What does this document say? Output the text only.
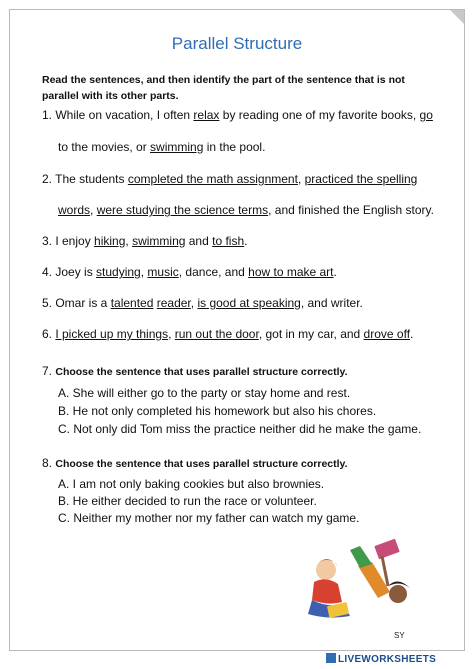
Parallel Structure
Read the sentences, and then identify the part of the sentence that is not parallel with its other parts.
1. While on vacation, I often relax by reading one of my favorite books, go
to the movies, or swimming in the pool.
2. The students completed the math assignment, practiced the spelling
words, were studying the science terms, and finished the English story.
3. I enjoy hiking, swimming and to fish.
4. Joey is studying, music, dance, and how to make art.
5. Omar is a talented reader, is good at speaking, and writer.
6. I picked up my things, run out the door, got in my car, and drove off.
7. Choose the sentence that uses parallel structure correctly.
A. She will either go to the party or stay home and rest.
B. He not only completed his homework but also his chores.
C. Not only did Tom miss the practice neither did he make the game.
8. Choose the sentence that uses parallel structure correctly.
A. I am not only baking cookies but also brownies.
B. He either decided to run the race or volunteer.
C. Neither my mother nor my father can watch my game.
SY
LIVEWORKSHEETS
